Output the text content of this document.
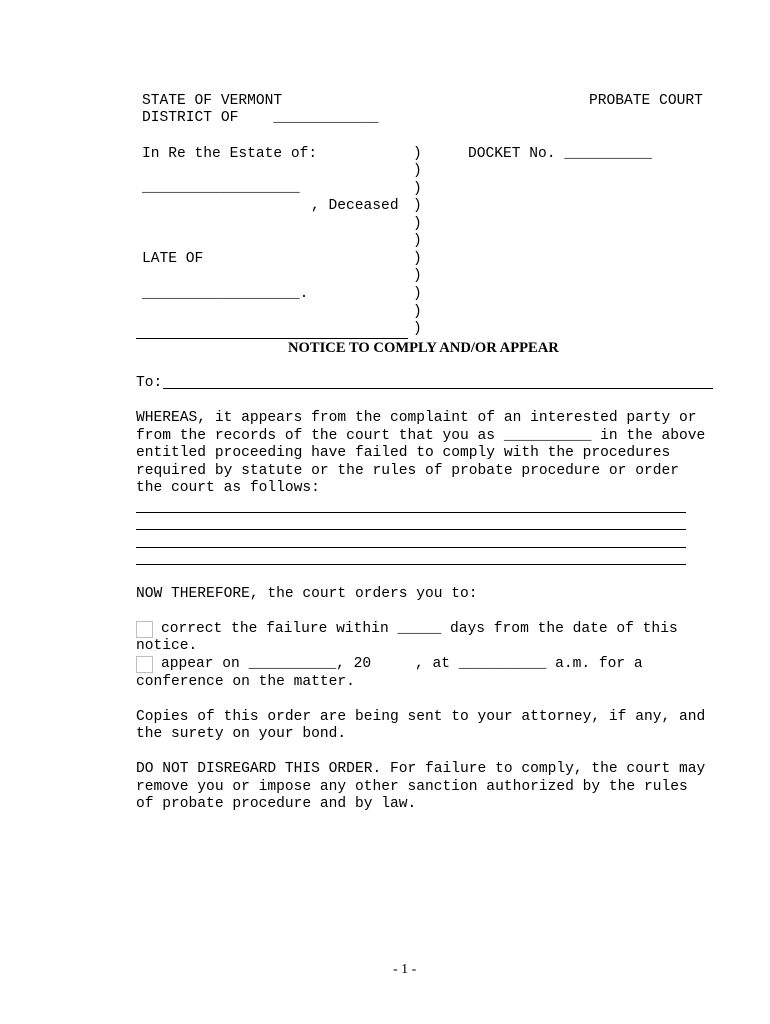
STATE OF VERMONT	PROBATE COURT
DISTRICT OF    ____________
In Re the Estate of:
__________________
, Deceased
LATE OF
__________________.
)
)
)
)
)
)
)
)
)
)
)
DOCKET No. __________
NOTICE TO COMPLY AND/OR APPEAR
To:
WHEREAS, it appears from the complaint of an interested party or
from the records of the court that you as __________ in the above
entitled proceeding have failed to comply with the procedures
required by statute or the rules of probate procedure or order
the court as follows:
NOW THEREFORE, the court orders you to:
correct the failure within _____ days from the date of this
notice.
appear on __________, 20     , at __________ a.m. for a
conference on the matter.
Copies of this order are being sent to your attorney, if any, and
the surety on your bond.
DO NOT DISREGARD THIS ORDER. For failure to comply, the court may
remove you or impose any other sanction authorized by the rules
of probate procedure and by law.
- 1 -
